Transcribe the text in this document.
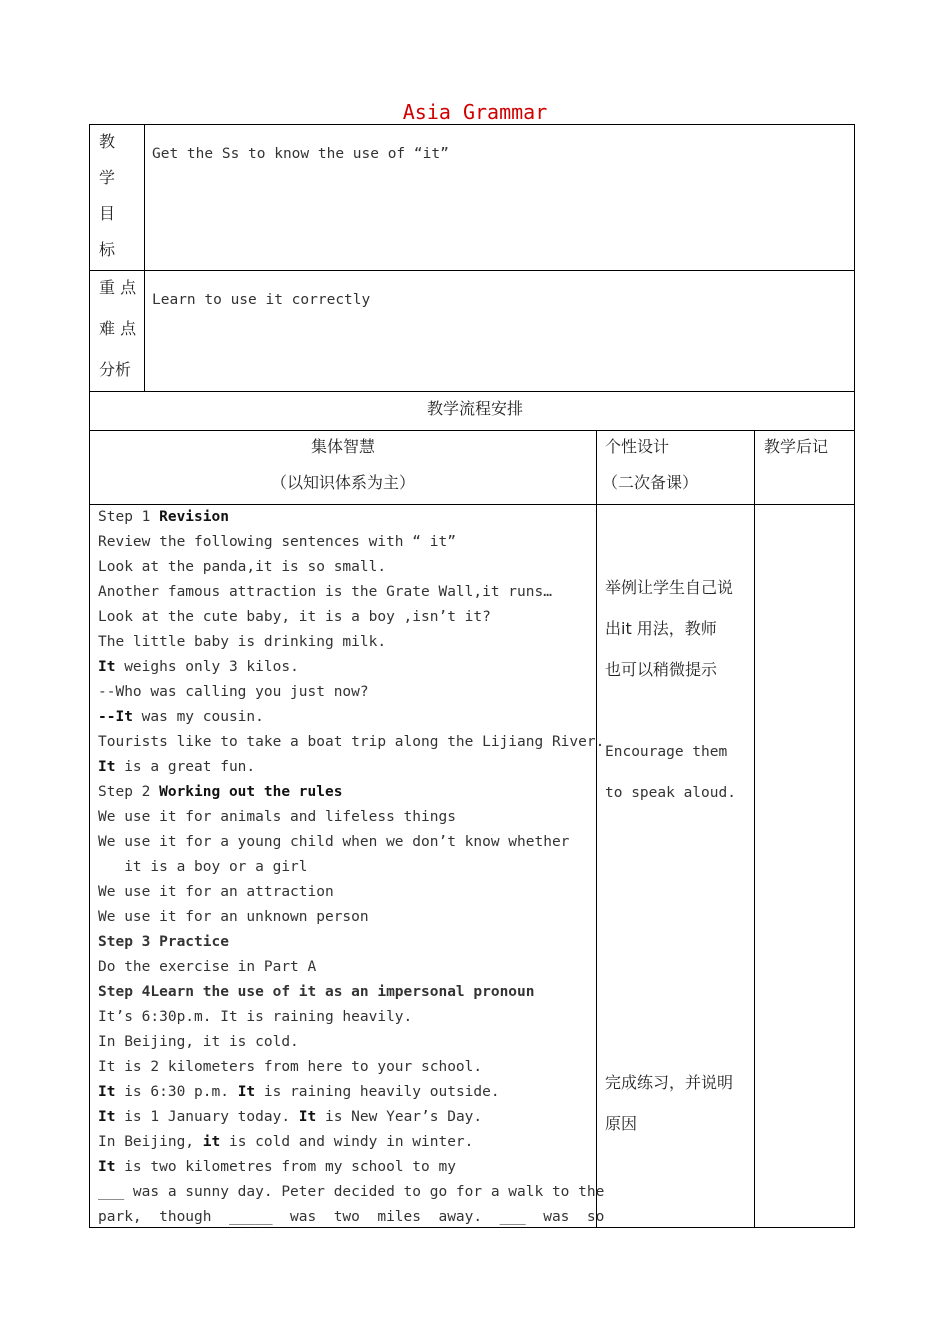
Asia Grammar
教
学
目
标
Get the Ss to know the use of “it”
重 点
难 点
分析
Learn to use it correctly
教学流程安排
集体智慧
（以知识体系为主）
个性设计
（二次备课）
教学后记
举例让学生自己说
出it 用法，教师
也可以稍微提示
Encourage them
to speak aloud.
完成练习，并说明
原因
Step 1 Revision
Review the following sentences with “ it”
Look at the panda,it is so small.
Another famous attraction is the Grate Wall,it runs…
Look at the cute baby, it is a boy ,isn’t it?
The little baby is drinking milk.
It weighs only 3 kilos.
--Who was calling you just now?
--It was my cousin.
Tourists like to take a boat trip along the Lijiang River.
It is a great fun.
Step 2 Working out the rules
We use it for animals and lifeless things
We use it for a young child when we don’t know whether
it is a boy or a girl
We use it for an attraction
We use it for an unknown person
Step 3 Practice
Do the exercise in Part A
Step 4Learn the use of it as an impersonal pronoun
It’s 6:30p.m. It is raining heavily.
In Beijing, it is cold.
It is 2 kilometers from here to your school.
It is 6:30 p.m. It is raining heavily outside.
It is 1 January today. It is New Year’s Day.
In Beijing, it is cold and windy in winter.
It is two kilometres from my school to my
___ was a sunny day. Peter decided to go for a walk to the
park,  though  _____  was  two  miles  away.  ___  was  so
